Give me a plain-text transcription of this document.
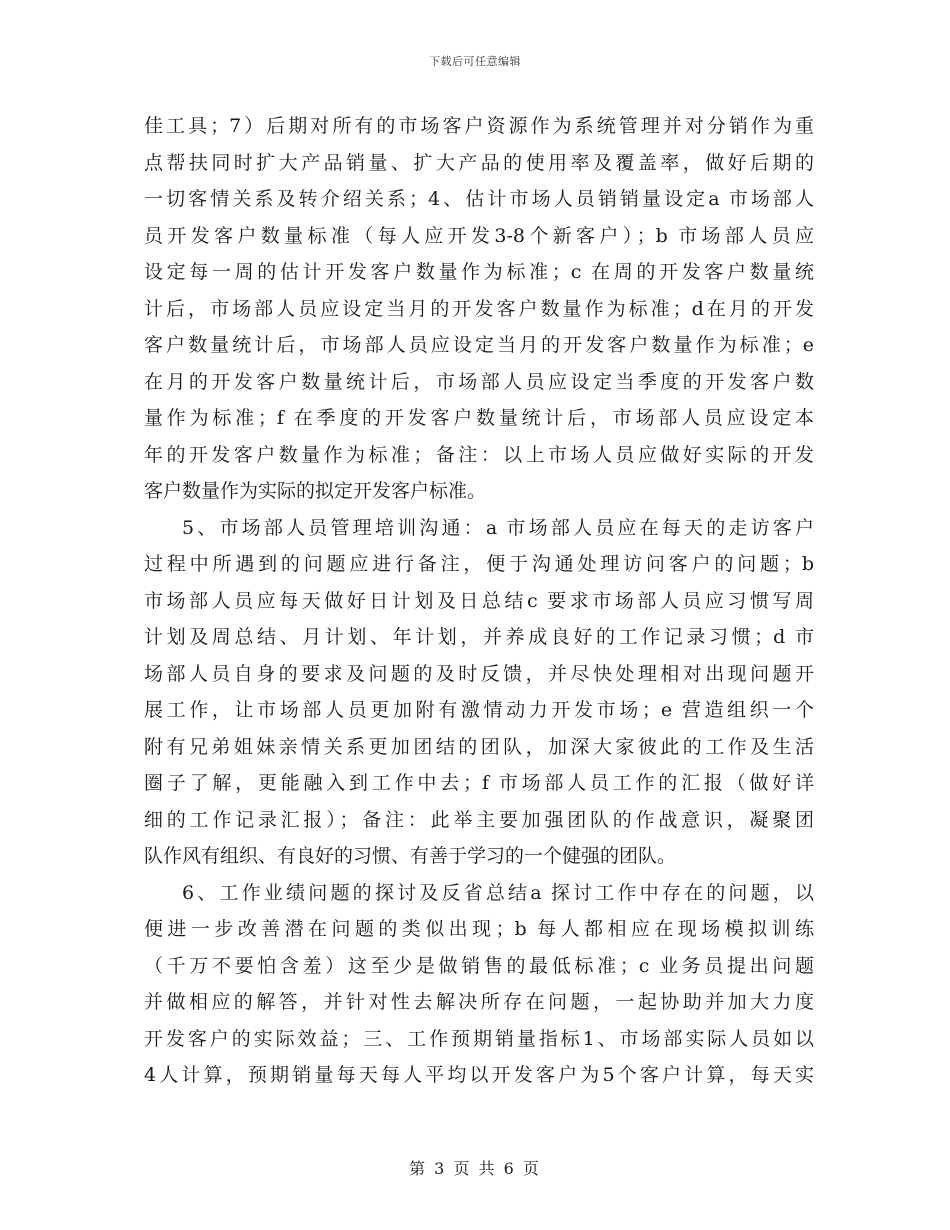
下载后可任意编辑
佳工具；7）后期对所有的市场客户资源作为系统管理并对分销作为重
点帮扶同时扩大产品销量、扩大产品的使用率及覆盖率，做好后期的
一切客情关系及转介绍关系；4、估计市场人员销销量设定a 市场部人
员开发客户数量标准（每人应开发3-8个新客户）；b 市场部人员应
设定每一周的估计开发客户数量作为标准；c 在周的开发客户数量统
计后，市场部人员应设定当月的开发客户数量作为标准；d在月的开发
客户数量统计后，市场部人员应设定当月的开发客户数量作为标准；e
在月的开发客户数量统计后，市场部人员应设定当季度的开发客户数
量作为标准；f 在季度的开发客户数量统计后，市场部人员应设定本
年的开发客户数量作为标准；备注：以上市场人员应做好实际的开发
客户数量作为实际的拟定开发客户标准。
5、市场部人员管理培训沟通：a 市场部人员应在每天的走访客户
过程中所遇到的问题应进行备注，便于沟通处理访问客户的问题；b
市场部人员应每天做好日计划及日总结c 要求市场部人员应习惯写周
计划及周总结、月计划、年计划，并养成良好的工作记录习惯；d 市
场部人员自身的要求及问题的及时反馈，并尽快处理相对出现问题开
展工作，让市场部人员更加附有激情动力开发市场；e 营造组织一个
附有兄弟姐妹亲情关系更加团结的团队，加深大家彼此的工作及生活
圈子了解，更能融入到工作中去；f 市场部人员工作的汇报（做好详
细的工作记录汇报）；备注：此举主要加强团队的作战意识，凝聚团
队作风有组织、有良好的习惯、有善于学习的一个健强的团队。
6、工作业绩问题的探讨及反省总结a 探讨工作中存在的问题，以
便进一步改善潜在问题的类似出现；b 每人都相应在现场模拟训练
（千万不要怕含羞）这至少是做销售的最低标准；c 业务员提出问题
并做相应的解答，并针对性去解决所存在问题，一起协助并加大力度
开发客户的实际效益；三、工作预期销量指标1、市场部实际人员如以
4人计算，预期销量每天每人平均以开发客户为5个客户计算，每天实
第 3 页 共 6 页
